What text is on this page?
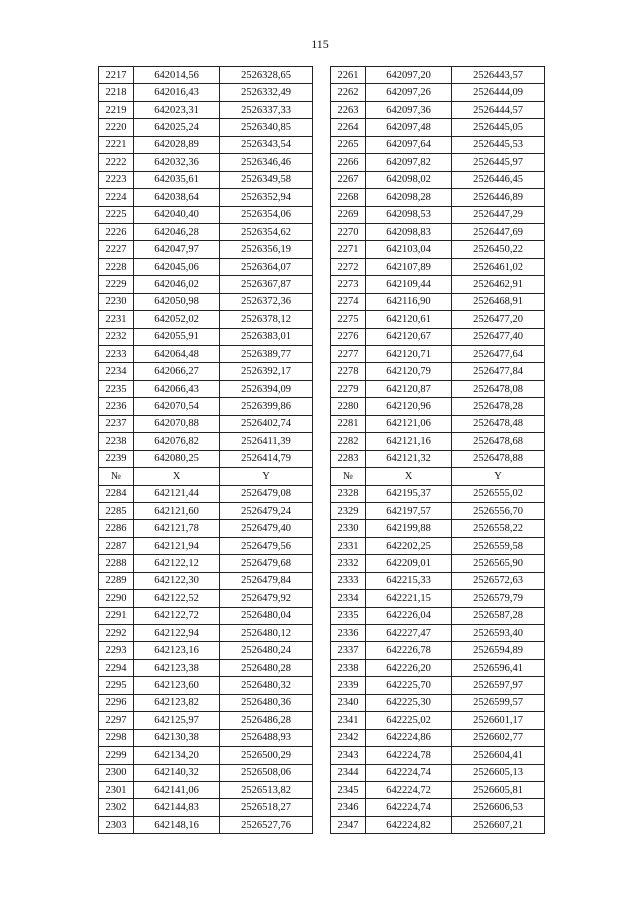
115
2217	642014,56	2526328,65		2261	642097,20	2526443,57
2218	642016,43	2526332,49		2262	642097,26	2526444,09
2219	642023,31	2526337,33		2263	642097,36	2526444,57
2220	642025,24	2526340,85		2264	642097,48	2526445,05
2221	642028,89	2526343,54		2265	642097,64	2526445,53
2222	642032,36	2526346,46		2266	642097,82	2526445,97
2223	642035,61	2526349,58		2267	642098,02	2526446,45
2224	642038,64	2526352,94		2268	642098,28	2526446,89
2225	642040,40	2526354,06		2269	642098,53	2526447,29
2226	642046,28	2526354,62		2270	642098,83	2526447,69
2227	642047,97	2526356,19		2271	642103,04	2526450,22
2228	642045,06	2526364,07		2272	642107,89	2526461,02
2229	642046,02	2526367,87		2273	642109,44	2526462,91
2230	642050,98	2526372,36		2274	642116,90	2526468,91
2231	642052,02	2526378,12		2275	642120,61	2526477,20
2232	642055,91	2526383,01		2276	642120,67	2526477,40
2233	642064,48	2526389,77		2277	642120,71	2526477,64
2234	642066,27	2526392,17		2278	642120,79	2526477,84
2235	642066,43	2526394,09		2279	642120,87	2526478,08
2236	642070,54	2526399,86		2280	642120,96	2526478,28
2237	642070,88	2526402,74		2281	642121,06	2526478,48
2238	642076,82	2526411,39		2282	642121,16	2526478,68
2239	642080,25	2526414,79		2283	642121,32	2526478,88
№	X	Y		№	X	Y
2284	642121,44	2526479,08		2328	642195,37	2526555,02
2285	642121,60	2526479,24		2329	642197,57	2526556,70
2286	642121,78	2526479,40		2330	642199,88	2526558,22
2287	642121,94	2526479,56		2331	642202,25	2526559,58
2288	642122,12	2526479,68		2332	642209,01	2526565,90
2289	642122,30	2526479,84		2333	642215,33	2526572,63
2290	642122,52	2526479,92		2334	642221,15	2526579,79
2291	642122,72	2526480,04		2335	642226,04	2526587,28
2292	642122,94	2526480,12		2336	642227,47	2526593,40
2293	642123,16	2526480,24		2337	642226,78	2526594,89
2294	642123,38	2526480,28		2338	642226,20	2526596,41
2295	642123,60	2526480,32		2339	642225,70	2526597,97
2296	642123,82	2526480,36		2340	642225,30	2526599,57
2297	642125,97	2526486,28		2341	642225,02	2526601,17
2298	642130,38	2526488,93		2342	642224,86	2526602,77
2299	642134,20	2526500,29		2343	642224,78	2526604,41
2300	642140,32	2526508,06		2344	642224,74	2526605,13
2301	642141,06	2526513,82		2345	642224,72	2526605,81
2302	642144,83	2526518,27		2346	642224,74	2526606,53
2303	642148,16	2526527,76		2347	642224,82	2526607,21
